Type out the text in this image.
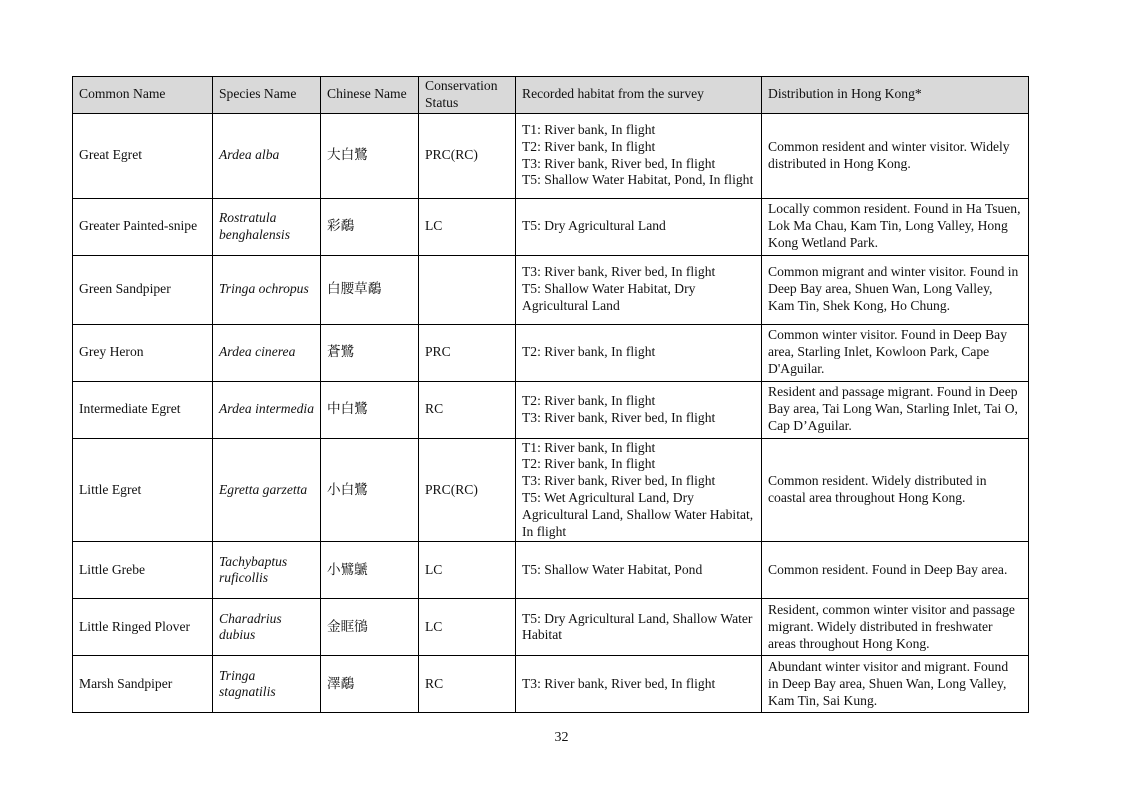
Common Name	Species Name	Chinese Name	Conservation Status	Recorded habitat from the survey	Distribution in Hong Kong*
Great Egret	Ardea alba	大白鷺	PRC(RC)	T1: River bank, In flight
T2: River bank, In flight
T3: River bank, River bed, In flight
T5: Shallow Water Habitat, Pond, In flight	Common resident and winter visitor. Widely distributed in Hong Kong.
Greater Painted-snipe	Rostratula benghalensis	彩鷸	LC	T5: Dry Agricultural Land	Locally common resident. Found in Ha Tsuen, Lok Ma Chau, Kam Tin, Long Valley, Hong Kong Wetland Park.
Green Sandpiper	Tringa ochropus	白腰草鷸		T3: River bank, River bed, In flight
T5: Shallow Water Habitat, Dry Agricultural Land	Common migrant and winter visitor. Found in Deep Bay area, Shuen Wan, Long Valley, Kam Tin, Shek Kong, Ho Chung.
Grey Heron	Ardea cinerea	蒼鷺	PRC	T2: River bank, In flight	Common winter visitor. Found in Deep Bay area, Starling Inlet, Kowloon Park, Cape D'Aguilar.
Intermediate Egret	Ardea intermedia	中白鷺	RC	T2: River bank, In flight
T3: River bank, River bed, In flight	Resident and passage migrant. Found in Deep Bay area, Tai Long Wan, Starling Inlet, Tai O, Cap D’Aguilar.
Little Egret	Egretta garzetta	小白鷺	PRC(RC)	T1: River bank, In flight
T2: River bank, In flight
T3: River bank, River bed, In flight
T5: Wet Agricultural Land, Dry Agricultural Land, Shallow Water Habitat, In flight	Common resident. Widely distributed in coastal area throughout Hong Kong.
Little Grebe	Tachybaptus ruficollis	小鷿鷈	LC	T5: Shallow Water Habitat, Pond	Common resident. Found in Deep Bay area.
Little Ringed Plover	Charadrius dubius	金眶鴴	LC	T5: Dry Agricultural Land, Shallow Water Habitat	Resident, common winter visitor and passage migrant. Widely distributed in freshwater areas throughout Hong Kong.
Marsh Sandpiper	Tringa stagnatilis	澤鷸	RC	T3: River bank, River bed, In flight	Abundant winter visitor and migrant. Found in Deep Bay area, Shuen Wan, Long Valley, Kam Tin, Sai Kung.
32
